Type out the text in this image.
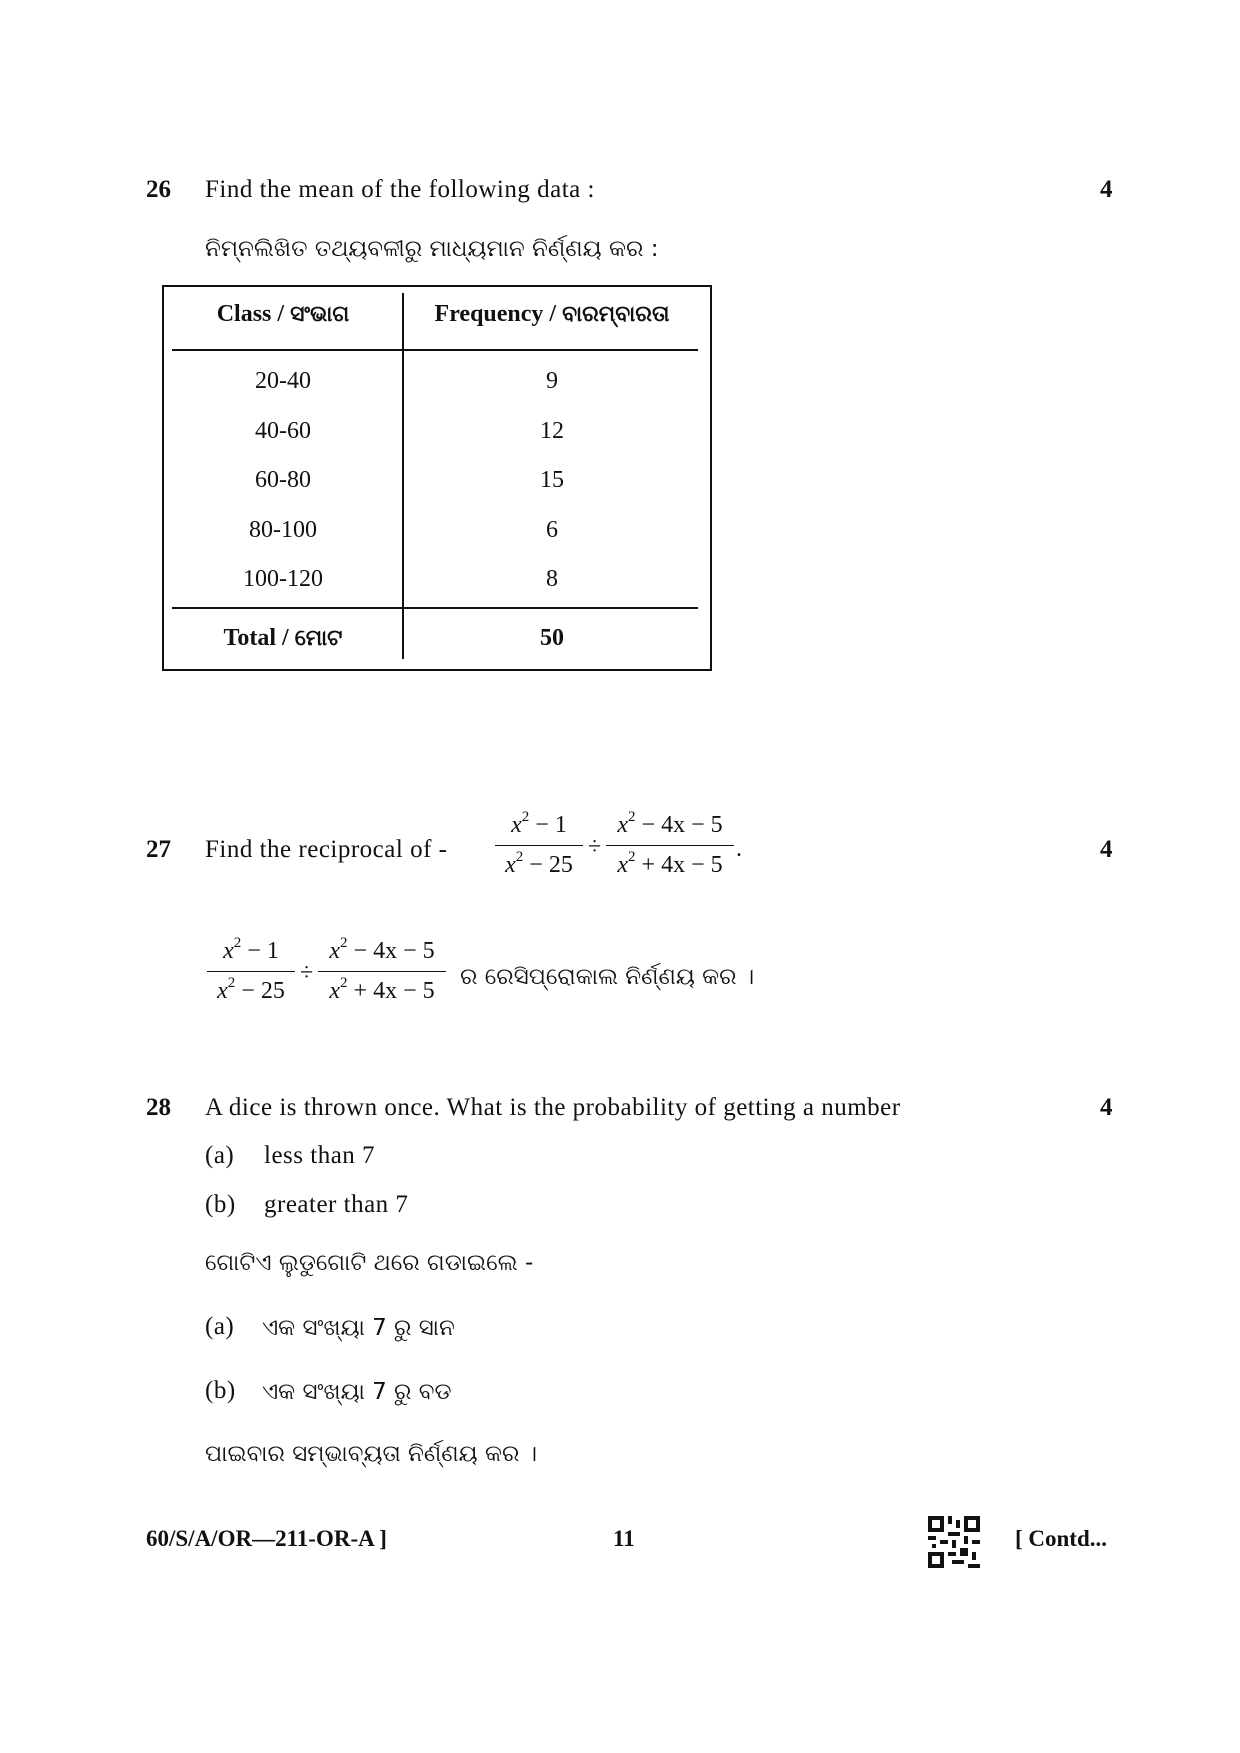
26 Find the mean of the following data :	4
ନିମ୍ନଲିଖିତ ତଥ୍ୟବଳୀରୁ ମାଧ୍ୟମାନ ନିର୍ଣ୍ଣୟ କର :
Class / ସଂଭାଗ	Frequency / ବାରମ୍ବାରତା
20-40	9
40-60	12
60-80	15
80-100	6
100-120	8
Total / ମୋଟ	50
27 Find the reciprocal of -	4
$\frac{x^2 - 1}{x^2 - 25} \div \frac{x^2 - 4x - 5}{x^2 + 4x - 5}$ .
$\frac{x^2 - 1}{x^2 - 25} \div \frac{x^2 - 4x - 5}{x^2 + 4x - 5}$ ର ରେସିପ୍ରୋକାଲ ନିର୍ଣ୍ଣୟ କର ।
28 A dice is thrown once. What is the probability of getting a number	4
(a) less than 7
(b) greater than 7
ଗୋଟିଏ ଲୁଡୁଗୋଟି ଥରେ ଗଡାଇଲେ -
(a) ଏକ ସଂଖ୍ୟା 7 ରୁ ସାନ
(b) ଏକ ସଂଖ୍ୟା 7 ରୁ ବଡ
ପାଇବାର ସମ୍ଭାବ୍ୟତା ନିର୍ଣ୍ଣୟ କର ।
60/S/A/OR—211-OR-A ]	11	[ Contd...
